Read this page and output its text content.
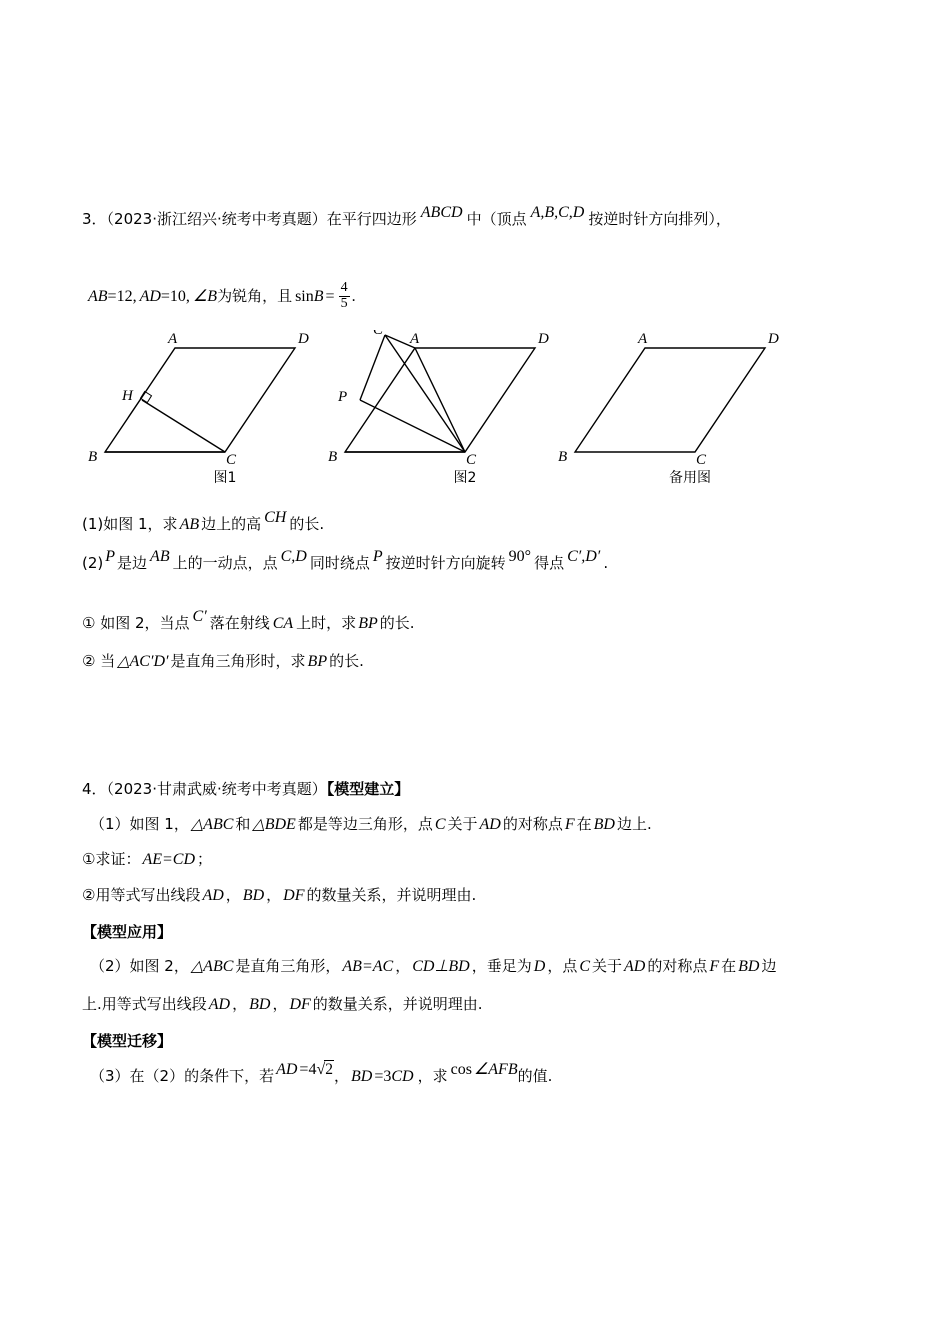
3．（2023·浙江绍兴·统考中考真题）在平行四边形 ABCD 中（顶点 A,B,C,D 按逆时针方向排列），
AB=12, AD=10, ∠B为锐角，且 $\sin B = \frac{4}{5}$ .
A	D
H
B	C
C′
A	D
P
B	C
A	D
B	C
图1	图2	备用图
(1)如图 1，求 AB 边上的高 CH 的长.
(2) P 是边 AB 上的一动点，点 C,D 同时绕点 P 按逆时针方向旋转 90° 得点 C′,D′ .
① 如图 2，当点 C′ 落在射线 CA 上时，求 BP 的长.
② 当 △AC′D′ 是直角三角形时，求 BP 的长.
4．（2023·甘肃武威·统考中考真题）【模型建立】
（1）如图 1， △ABC 和 △BDE 都是等边三角形，点 C 关于 AD 的对称点 F 在 BD 边上.
①求证： AE=CD ；
②用等式写出线段 AD ， BD ， DF 的数量关系，并说明理由.
【模型应用】
（2）如图 2， △ABC 是直角三角形， AB=AC ， CD⊥BD ，垂足为 D ，点 C 关于 AD 的对称点 F 在 BD 边
上.用等式写出线段 AD ， BD ， DF 的数量关系，并说明理由.
【模型迁移】
（3）在（2）的条件下，若 AD =4√2， BD =3CD ，求 cos ∠AFB的值.
